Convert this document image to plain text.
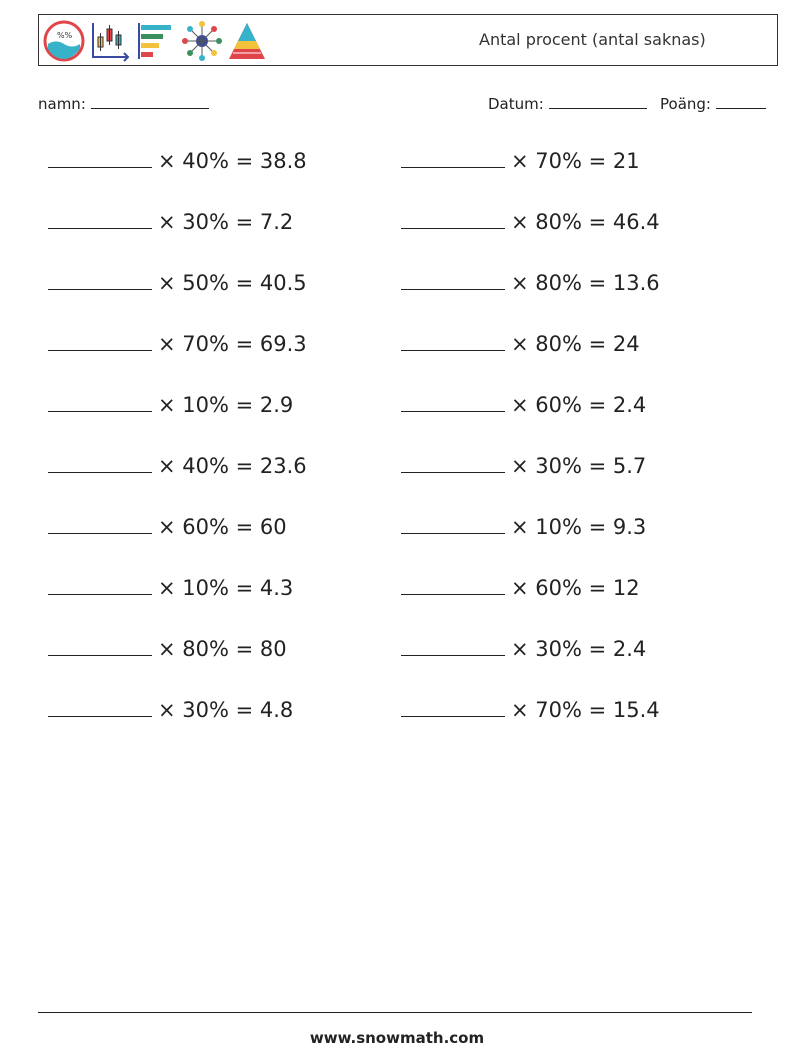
%%	Antal procent (antal saknas)
namn:	Datum:	Poäng:
× 40% = 38.8	× 70% = 21
× 30% = 7.2	× 80% = 46.4
× 50% = 40.5	× 80% = 13.6
× 70% = 69.3	× 80% = 24
× 10% = 2.9	× 60% = 2.4
× 40% = 23.6	× 30% = 5.7
× 60% = 60	× 10% = 9.3
× 10% = 4.3	× 60% = 12
× 80% = 80	× 30% = 2.4
× 30% = 4.8	× 70% = 15.4
www.snowmath.com
